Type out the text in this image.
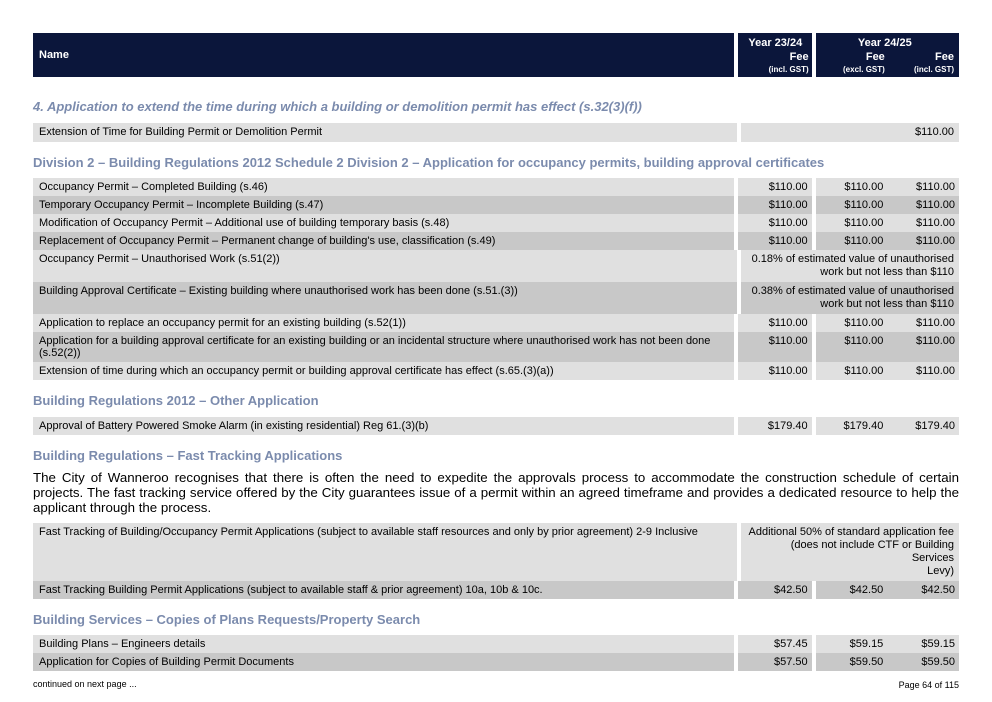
Name
Year 23/24
Fee
(incl. GST)
Year 24/25
Fee	Fee
(excl. GST)	(incl. GST)
4. Application to extend the time during which a building or demolition permit has effect (s.32(3)(f))
Extension of Time for Building Permit or Demolition Permit	$110.00
Division 2 – Building Regulations 2012 Schedule 2 Division 2 – Application for occupancy permits, building approval certificates
Occupancy Permit – Completed Building (s.46)	$110.00	$110.00	$110.00
Temporary Occupancy Permit – Incomplete Building (s.47)	$110.00	$110.00	$110.00
Modification of Occupancy Permit – Additional use of building temporary basis (s.48)	$110.00	$110.00	$110.00
Replacement of Occupancy Permit – Permanent change of building's use, classification (s.49)	$110.00	$110.00	$110.00
Occupancy Permit – Unauthorised Work (s.51(2))	0.18% of estimated value of unauthorised
work but not less than $110
Building Approval Certificate – Existing building where unauthorised work has been done (s.51.(3))	0.38% of estimated value of unauthorised
work but not less than $110
Application to replace an occupancy permit for an existing building (s.52(1))	$110.00	$110.00	$110.00
Application for a building approval certificate for an existing building or an incidental structure where unauthorised work has not been done (s.52(2))
$110.00	$110.00	$110.00
Extension of time during which an occupancy permit or building approval certificate has effect (s.65.(3)(a))	$110.00	$110.00	$110.00
Building Regulations 2012 – Other Application
Approval of Battery Powered Smoke Alarm (in existing residential) Reg 61.(3)(b)	$179.40	$179.40	$179.40
Building Regulations – Fast Tracking Applications
The City of Wanneroo recognises that there is often the need to expedite the approvals process to accommodate the construction schedule of certain projects. The fast tracking service offered by the City guarantees issue of a permit within an agreed timeframe and provides a dedicated resource to help the applicant through the process.
Fast Tracking of Building/Occupancy Permit Applications (subject to available staff resources and only by prior agreement) 2-9 Inclusive	Additional 50% of standard application fee
(does not include CTF or Building Services
Levy)
Fast Tracking Building Permit Applications (subject to available staff & prior agreement) 10a, 10b & 10c.	$42.50	$42.50	$42.50
Building Services – Copies of Plans Requests/Property Search
Building Plans – Engineers details	$57.45	$59.15	$59.15
Application for Copies of Building Permit Documents	$57.50	$59.50	$59.50
continued on next page ...	Page 64 of 115
